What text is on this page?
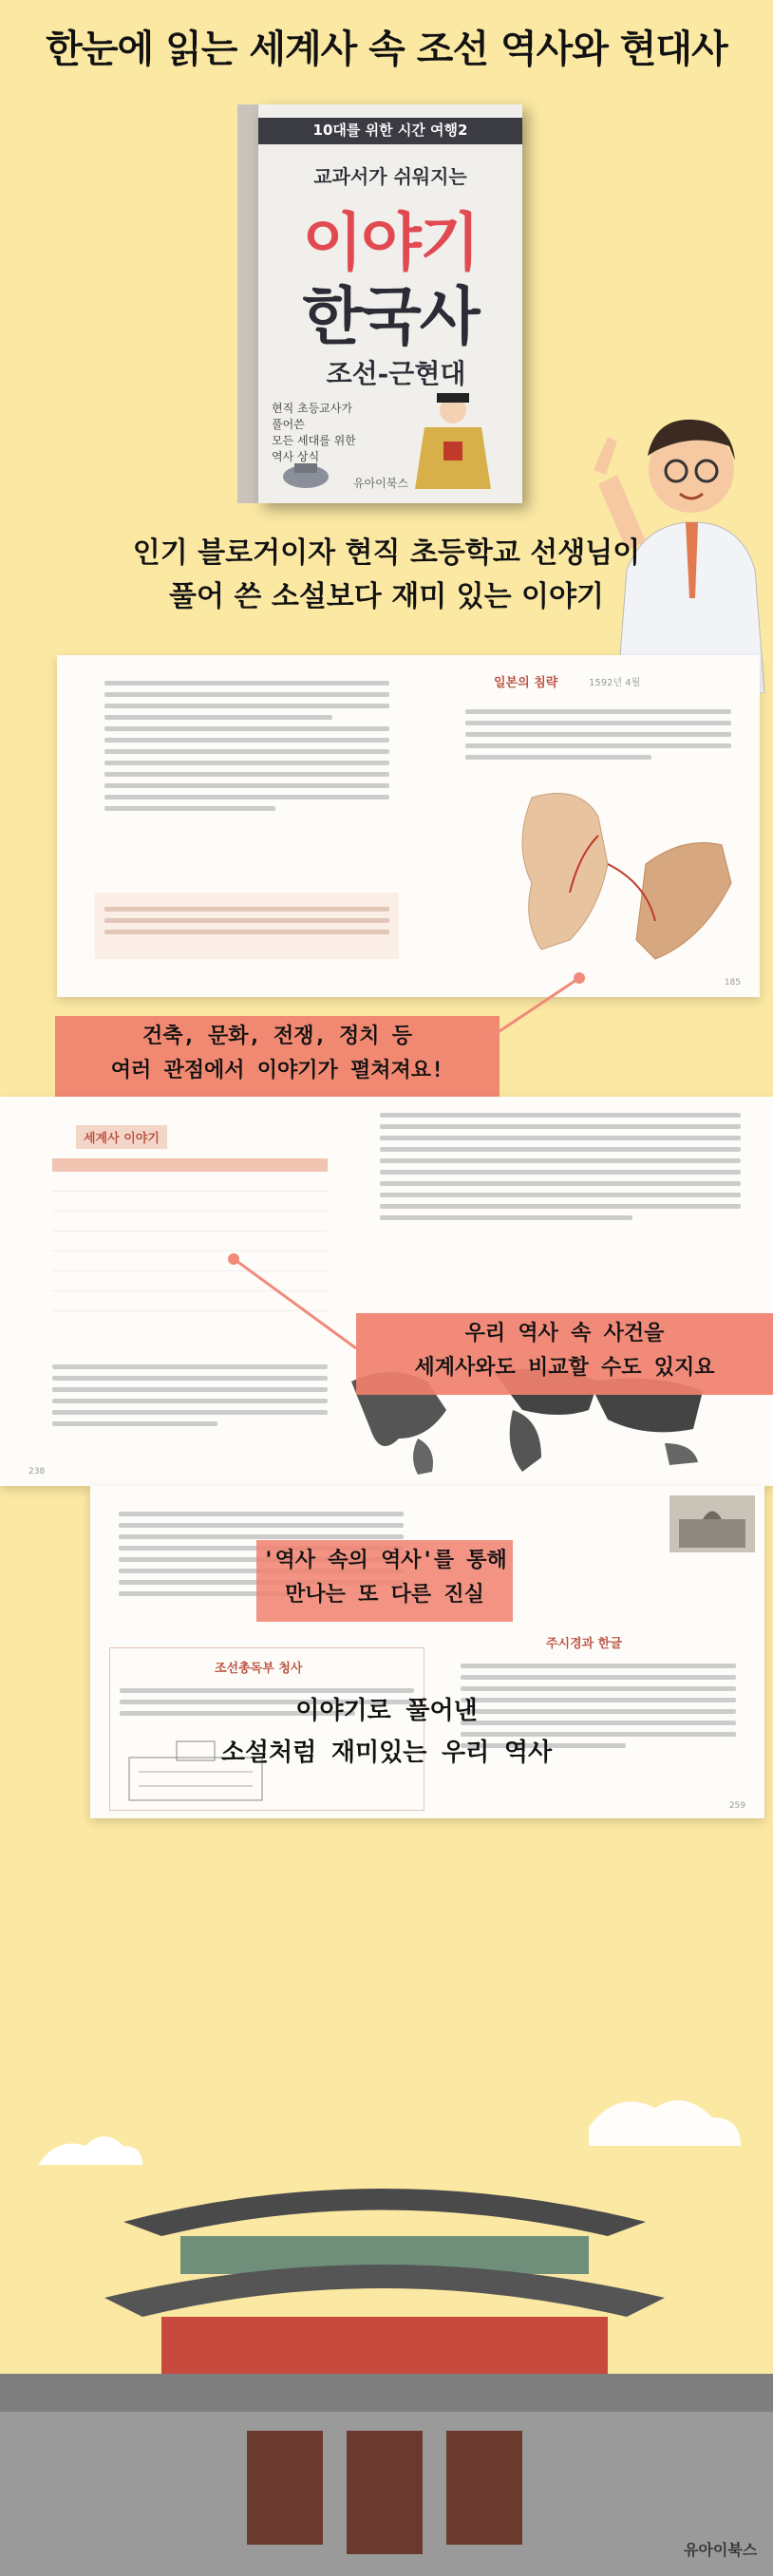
한눈에 읽는 세계사 속 조선 역사와 현대사
10대를 위한 시간 여행2
교과서가 쉬워지는
이야기
한국사
조선-근현대
현직 초등교사가
풀어쓴
모든 세대를 위한
역사 상식
유아이북스
인기 블로거이자 현직 초등학교 선생님이
풀어 쓴 소설보다 재미 있는 이야기
일본의 침략	1592년 4월
185
건축, 문화, 전쟁, 정치 등
여러 관점에서 이야기가 펼쳐져요!
세계사 이야기
238
우리 역사 속 사건을
세계사와도 비교할 수도 있지요
조선총독부 청사
주시경과 한글
259
'역사 속의 역사'를 통해
만나는 또 다른 진실
이야기로 풀어낸
소설처럼 재미있는 우리 역사
유아이북스
